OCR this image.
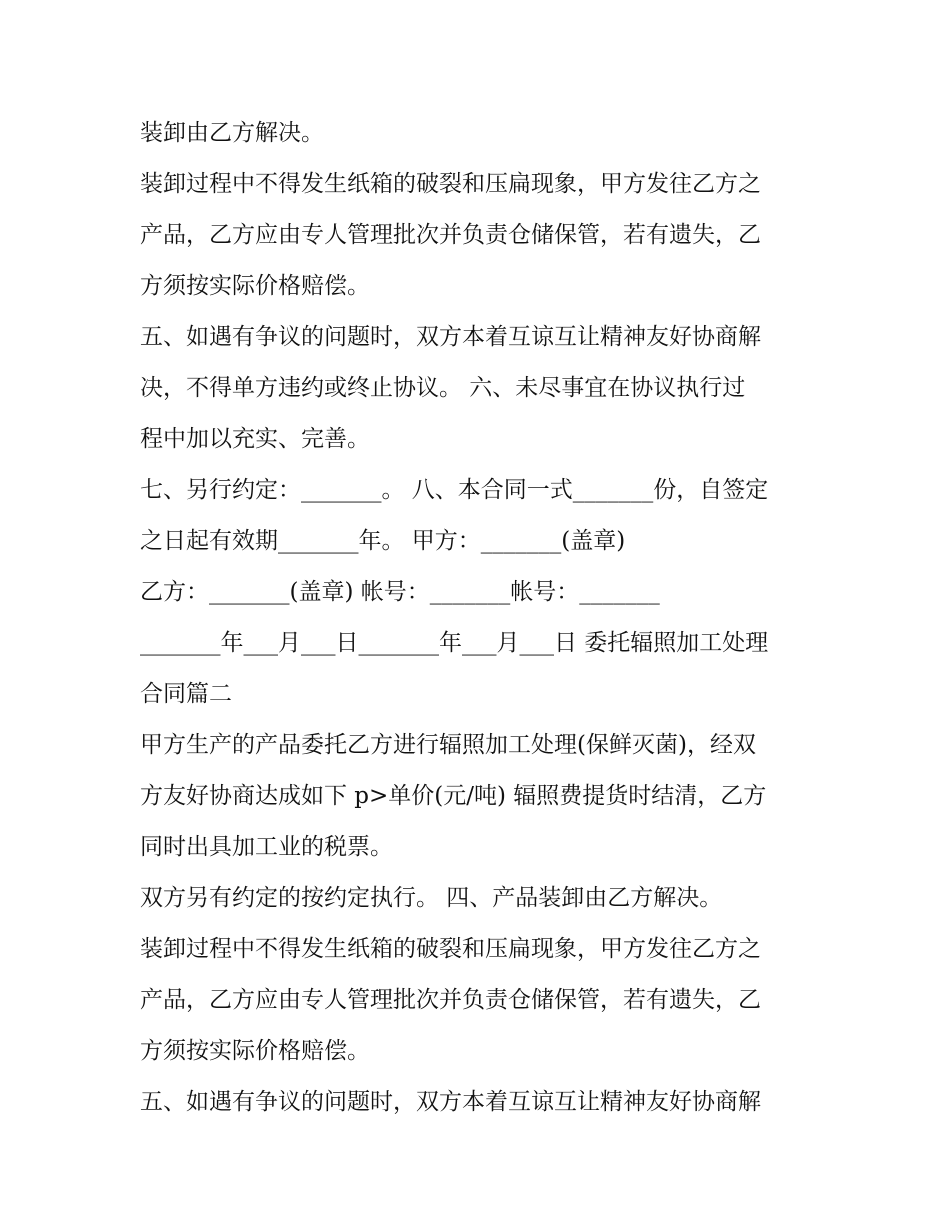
装卸由乙方解决。
装卸过程中不得发生纸箱的破裂和压扁现象，甲方发往乙方之
产品，乙方应由专人管理批次并负责仓储保管，若有遗失，乙
方须按实际价格赔偿。
五、如遇有争议的问题时，双方本着互谅互让精神友好协商解
决，不得单方违约或终止协议。 六、未尽事宜在协议执行过
程中加以充实、完善。
七、另行约定：_______。 八、本合同一式_______份，自签定
之日起有效期_______年。 甲方：_______(盖章)
乙方：_______(盖章) 帐号：_______帐号：_______
_______年___月___日_______年___月___日 委托辐照加工处理
合同篇二
甲方生产的产品委托乙方进行辐照加工处理(保鲜灭菌)，经双
方友好协商达成如下 p>单价(元/吨) 辐照费提货时结清，乙方
同时出具加工业的税票。
双方另有约定的按约定执行。 四、产品装卸由乙方解决。
装卸过程中不得发生纸箱的破裂和压扁现象，甲方发往乙方之
产品，乙方应由专人管理批次并负责仓储保管，若有遗失，乙
方须按实际价格赔偿。
五、如遇有争议的问题时，双方本着互谅互让精神友好协商解
